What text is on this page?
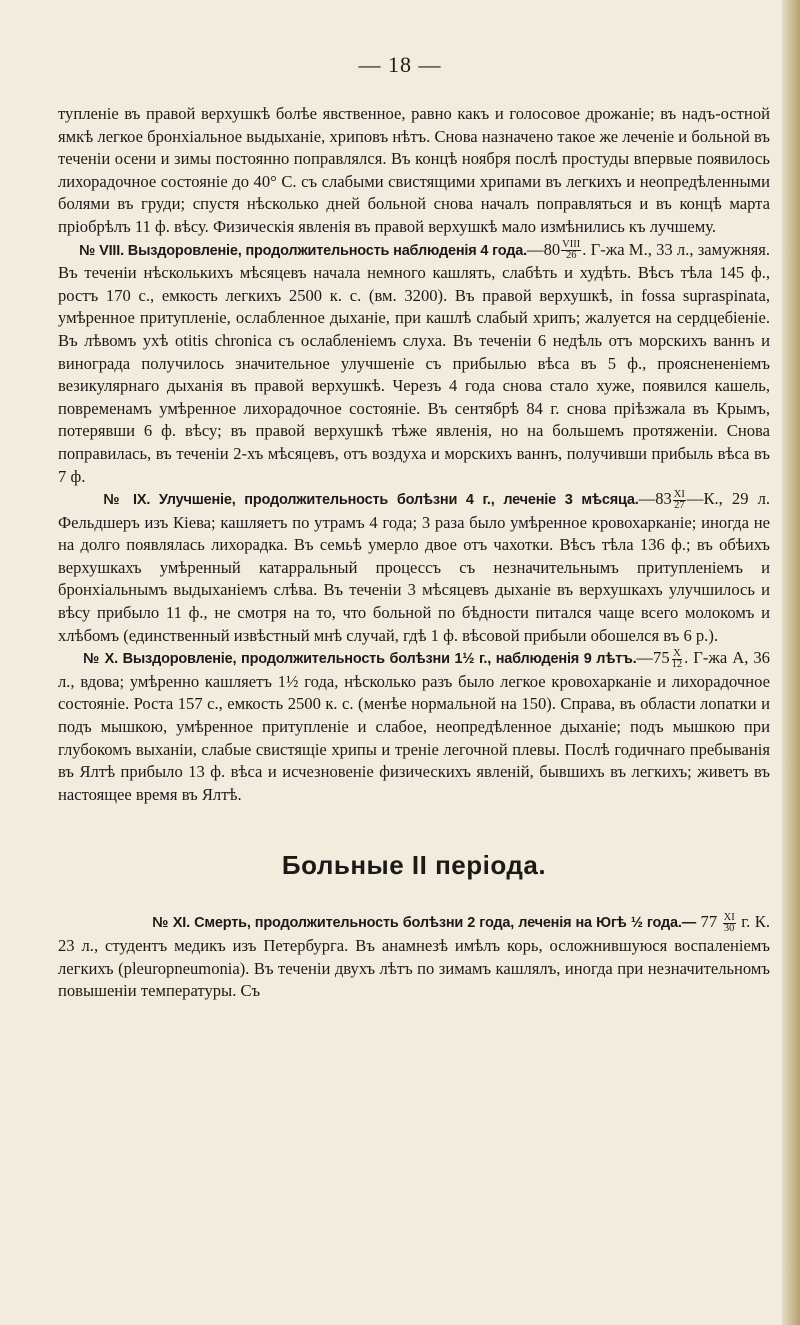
— 18 —

тупленіе въ правой верхушкѣ болѣе явственное, равно какъ и голосовое дрожаніе; въ надъ-остной ямкѣ легкое бронхіальное выдыханіе, хриповъ нѣтъ. Снова назначено такое же леченіе и больной въ теченіи осени и зимы постоянно поправлялся. Въ концѣ ноября послѣ простуды впервые появилось лихорадочное состояніе до 40° С. съ слабыми свистящими хрипами въ легкихъ и неопредѣленными болями въ груди; спустя нѣсколько дней больной снова началъ поправляться и въ концѣ марта пріобрѣлъ 11 ф. вѣсу. Физическія явленія въ правой верхушкѣ мало измѣнились къ лучшему.

№ VIII. Выздоровленіе, продолжительность наблюденія 4 года.—80 $\frac{\text{VIII}}{26}$ . Г-жа М., 33 л., замужняя. Въ теченіи нѣсколькихъ мѣсяцевъ начала немного кашлять, слабѣть и худѣть. Вѣсъ тѣла 145 ф., ростъ 170 с., емкость легкихъ 2500 к. с. (вм. 3200). Въ правой верхушкѣ, in fossa supraspinata, умѣренное притупленіе, ослабленное дыханіе, при кашлѣ слабый хрипъ; жалуется на сердцебіеніе. Въ лѣвомъ ухѣ otitis chronica съ ослабленіемъ слуха. Въ теченіи 6 недѣль отъ морскихъ ваннъ и винограда получилось значительное улучшеніе съ прибылью вѣса въ 5 ф., прояснененіемъ везикулярнаго дыханія въ правой верхушкѣ. Черезъ 4 года снова стало хуже, появился кашель, повременамъ умѣренное лихорадочное состояніе. Въ сентябрѣ 84 г. снова пріѣзжала въ Крымъ, потерявши 6 ф. вѣсу; въ правой верхушкѣ тѣже явленія, но на большемъ протяженіи. Снова поправилась, въ теченіи 2-хъ мѣсяцевъ, отъ воздуха и морскихъ ваннъ, получивши прибыль вѣса въ 7 ф.

№ IX. Улучшеніе, продолжительность болѣзни 4 г., леченіе 3 мѣсяца.—83 $\frac{XI}{27}$ —К., 29 л. Фельдшеръ изъ Кіева; кашляетъ по утрамъ 4 года; 3 раза было умѣренное кровохарканіе; иногда не на долго появлялась лихорадка. Въ семьѣ умерло двое отъ чахотки. Вѣсъ тѣла 136 ф.; въ обѣихъ верхушкахъ умѣренный катарральный процессъ съ незначительнымъ притупленіемъ и бронхіальнымъ выдыханіемъ слѣва. Въ теченіи 3 мѣсяцевъ дыханіе въ верхушкахъ улучшилось и вѣсу прибыло 11 ф., не смотря на то, что больной по бѣдности питался чаще всего молокомъ и хлѣбомъ (единственный извѣстный мнѣ случай, гдѣ 1 ф. вѣсовой прибыли обошелся въ 6 р.).

№ X. Выздоровленіе, продолжительность болѣзни 1½ г., наблюденія 9 лѣтъ.—75 $\frac{X}{12}$ . Г-жа А, 36 л., вдова; умѣренно кашляетъ 1½ года, нѣсколько разъ было легкое кровохарканіе и лихорадочное состояніе. Роста 157 с., емкость 2500 к. с. (менѣе нормальной на 150). Справа, въ области лопатки и подъ мышкою, умѣренное притупленіе и слабое, неопредѣленное дыханіе; подъ мышкою при глубокомъ выханіи, слабые свистящіе хрипы и треніе легочной плевы. Послѣ годичнаго пребыванія въ Ялтѣ прибыло 13 ф. вѣса и исчезновеніе физическихъ явленій, бывшихъ въ легкихъ; живетъ въ настоящее время въ Ялтѣ.

Больные II періода.

№ XI. Смерть, продолжительность болѣзни 2 года, леченія на Югѣ ½ года.— $77 \frac{XI}{30} г$. К. 23 л., студентъ медикъ изъ Петербурга. Въ анамнезѣ имѣлъ корь, осложнившуюся воспаленіемъ легкихъ (pleuropneumonia). Въ теченіи двухъ лѣтъ по зимамъ кашлялъ, иногда при незначительномъ повышеніи температуры. Съ
